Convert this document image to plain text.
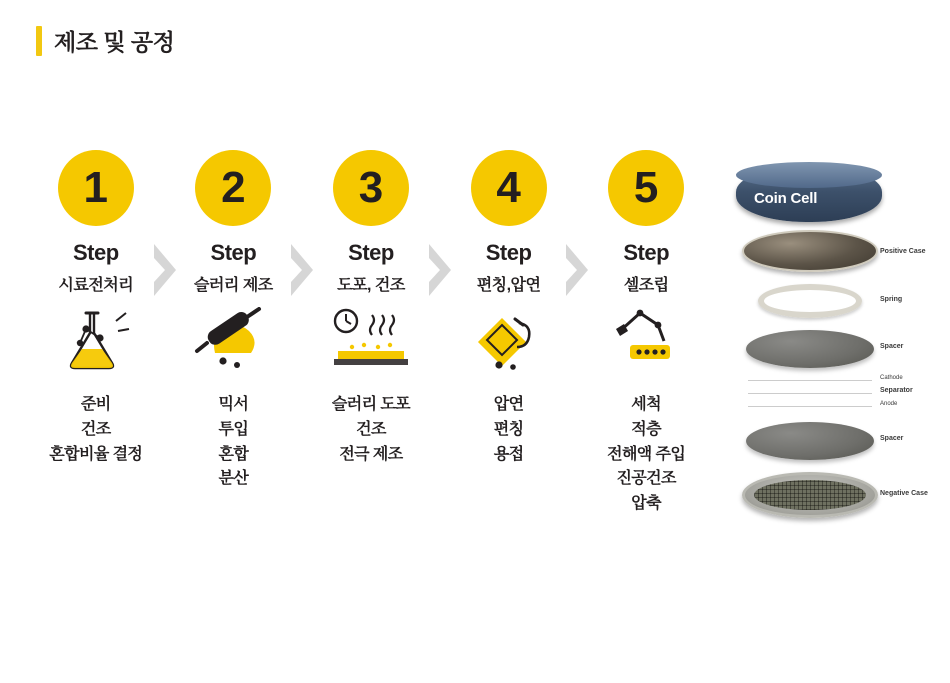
제조 및 공정
1
Step
시료전처리
준비
건조
혼합비율 결정
2
Step
슬러리 제조
믹서
투입
혼합
분산
3
Step
도포, 건조
슬러리 도포
건조
전극 제조
4
Step
편칭,압연
압연
편칭
용접
5
Step
셀조립
세척
적층
전해액 주입
진공건조
압축
Coin Cell
Positive Case
Spring
Spacer
Cathode
Separator
Anode
Spacer
Negative Case
